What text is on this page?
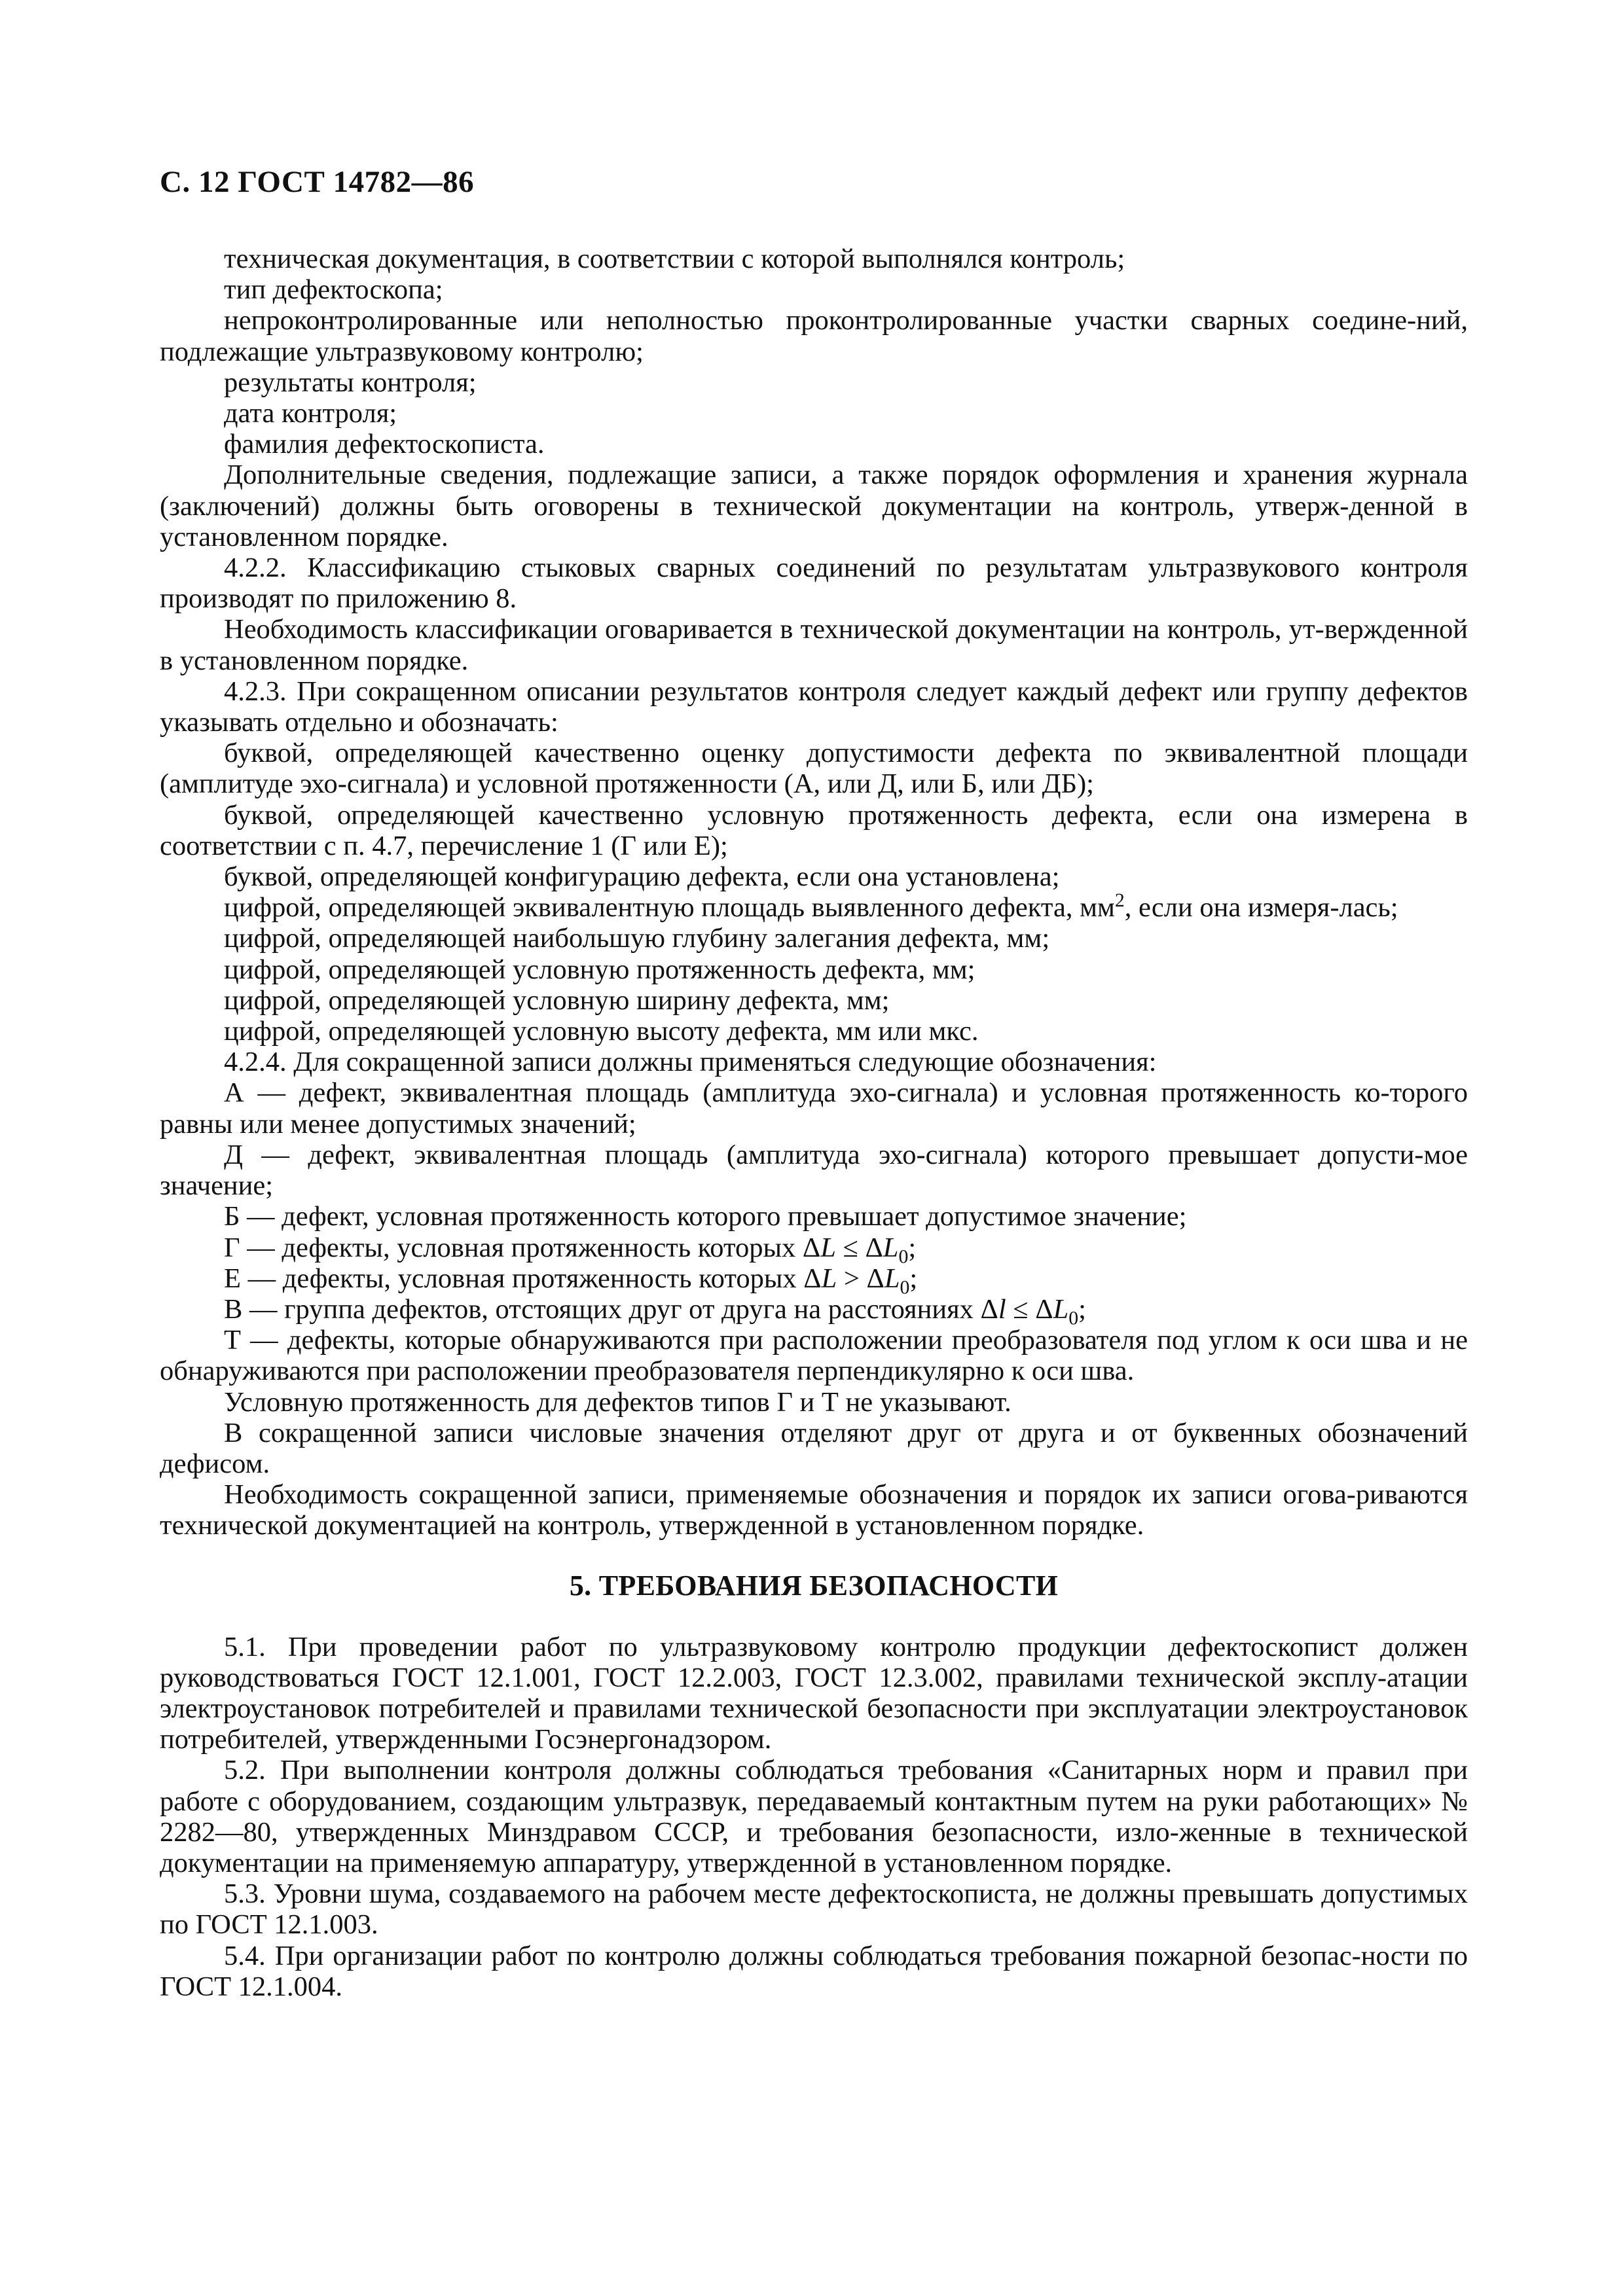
С. 12 ГОСТ 14782—86

техническая документация, в соответствии с которой выполнялся контроль;

тип дефектоскопа;

непроконтролированные или неполностью проконтролированные участки сварных соедине-ний, подлежащие ультразвуковому контролю;

результаты контроля;

дата контроля;

фамилия дефектоскописта.

Дополнительные сведения, подлежащие записи, а также порядок оформления и хранения журнала (заключений) должны быть оговорены в технической документации на контроль, утверж-денной в установленном порядке.

4.2.2. Классификацию стыковых сварных соединений по результатам ультразвукового контроля производят по приложению 8.

Необходимость классификации оговаривается в технической документации на контроль, ут-вержденной в установленном порядке.

4.2.3. При сокращенном описании результатов контроля следует каждый дефект или группу дефектов указывать отдельно и обозначать:

буквой, определяющей качественно оценку допустимости дефекта по эквивалентной площади (амплитуде эхо-сигнала) и условной протяженности (А, или Д, или Б, или ДБ);

буквой, определяющей качественно условную протяженность дефекта, если она измерена в соответствии с п. 4.7, перечисление 1 (Г или Е);

буквой, определяющей конфигурацию дефекта, если она установлена;

цифрой, определяющей эквивалентную площадь выявленного дефекта, $мм^2$, если она измеря-лась;

цифрой, определяющей наибольшую глубину залегания дефекта, мм;

цифрой, определяющей условную протяженность дефекта, мм;

цифрой, определяющей условную ширину дефекта, мм;

цифрой, определяющей условную высоту дефекта, мм или мкс.

4.2.4. Для сокращенной записи должны применяться следующие обозначения:

А — дефект, эквивалентная площадь (амплитуда эхо-сигнала) и условная протяженность ко-торого равны или менее допустимых значений;

Д — дефект, эквивалентная площадь (амплитуда эхо-сигнала) которого превышает допусти-мое значение;

Б — дефект, условная протяженность которого превышает допустимое значение;

Г — дефекты, условная протяженность которых $\Delta L \le \Delta L_0$;

Е — дефекты, условная протяженность которых $\Delta L > \Delta L_0$;

В — группа дефектов, отстоящих друг от друга на расстояниях $\Delta l \le \Delta L_0$;

Т — дефекты, которые обнаруживаются при расположении преобразователя под углом к оси шва и не обнаруживаются при расположении преобразователя перпендикулярно к оси шва.

Условную протяженность для дефектов типов Г и Т не указывают.

В сокращенной записи числовые значения отделяют друг от друга и от буквенных обозначений дефисом.

Необходимость сокращенной записи, применяемые обозначения и порядок их записи огова-риваются технической документацией на контроль, утвержденной в установленном порядке.

5. ТРЕБОВАНИЯ БЕЗОПАСНОСТИ

5.1. При проведении работ по ультразвуковому контролю продукции дефектоскопист должен руководствоваться ГОСТ 12.1.001, ГОСТ 12.2.003, ГОСТ 12.3.002, правилами технической эксплу-атации электроустановок потребителей и правилами технической безопасности при эксплуатации электроустановок потребителей, утвержденными Госэнергонадзором.

5.2. При выполнении контроля должны соблюдаться требования «Санитарных норм и правил при работе с оборудованием, создающим ультразвук, передаваемый контактным путем на руки работающих» № 2282—80, утвержденных Минздравом СССР, и требования безопасности, изло-женные в технической документации на применяемую аппаратуру, утвержденной в установленном порядке.

5.3. Уровни шума, создаваемого на рабочем месте дефектоскописта, не должны превышать допустимых по ГОСТ 12.1.003.

5.4. При организации работ по контролю должны соблюдаться требования пожарной безопас-ности по ГОСТ 12.1.004.
